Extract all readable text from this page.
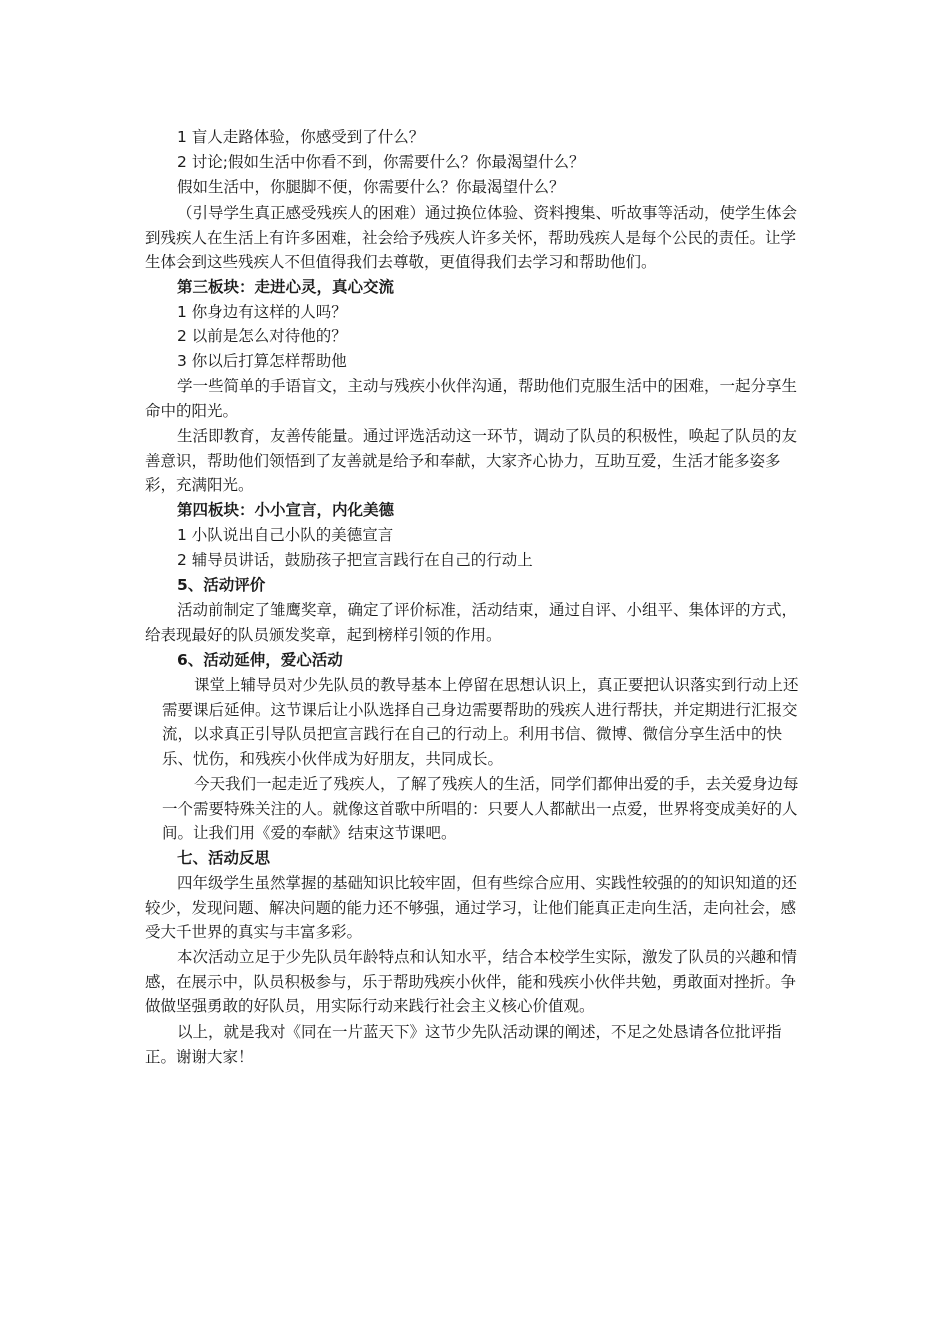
1 盲人走路体验，你感受到了什么？

2 讨论;假如生活中你看不到，你需要什么？你最渴望什么？

假如生活中，你腿脚不便，你需要什么？你最渴望什么？

（引导学生真正感受残疾人的困难）通过换位体验、资料搜集、听故事等活动，使学生体会到残疾人在生活上有许多困难，社会给予残疾人许多关怀，帮助残疾人是每个公民的责任。让学生体会到这些残疾人不但值得我们去尊敬，更值得我们去学习和帮助他们。

第三板块：走进心灵，真心交流

1 你身边有这样的人吗？

2 以前是怎么对待他的？

3 你以后打算怎样帮助他

学一些简单的手语盲文，主动与残疾小伙伴沟通，帮助他们克服生活中的困难，一起分享生命中的阳光。

生活即教育，友善传能量。通过评选活动这一环节，调动了队员的积极性，唤起了队员的友善意识，帮助他们领悟到了友善就是给予和奉献，大家齐心协力，互助互爱，生活才能多姿多彩，充满阳光。

第四板块：小小宣言，内化美德

1 小队说出自己小队的美德宣言

2 辅导员讲话，鼓励孩子把宣言践行在自己的行动上

5、活动评价

活动前制定了雏鹰奖章，确定了评价标准，活动结束，通过自评、小组平、集体评的方式，给表现最好的队员颁发奖章，起到榜样引领的作用。

6、活动延伸，爱心活动

课堂上辅导员对少先队员的教导基本上停留在思想认识上，真正要把认识落实到行动上还需要课后延伸。这节课后让小队选择自己身边需要帮助的残疾人进行帮扶，并定期进行汇报交流，以求真正引导队员把宣言践行在自己的行动上。利用书信、微博、微信分享生活中的快乐、忧伤，和残疾小伙伴成为好朋友，共同成长。

今天我们一起走近了残疾人，了解了残疾人的生活，同学们都伸出爱的手，去关爱身边每一个需要特殊关注的人。就像这首歌中所唱的：只要人人都献出一点爱，世界将变成美好的人间。让我们用《爱的奉献》结束这节课吧。

七、活动反思

四年级学生虽然掌握的基础知识比较牢固，但有些综合应用、实践性较强的的知识知道的还较少，发现问题、解决问题的能力还不够强，通过学习，让他们能真正走向生活，走向社会，感受大千世界的真实与丰富多彩。

本次活动立足于少先队员年龄特点和认知水平，结合本校学生实际，激发了队员的兴趣和情感，在展示中，队员积极参与，乐于帮助残疾小伙伴，能和残疾小伙伴共勉，勇敢面对挫折。争做做坚强勇敢的好队员，用实际行动来践行社会主义核心价值观。

以上，就是我对《同在一片蓝天下》这节少先队活动课的阐述，不足之处恳请各位批评指正。谢谢大家！
